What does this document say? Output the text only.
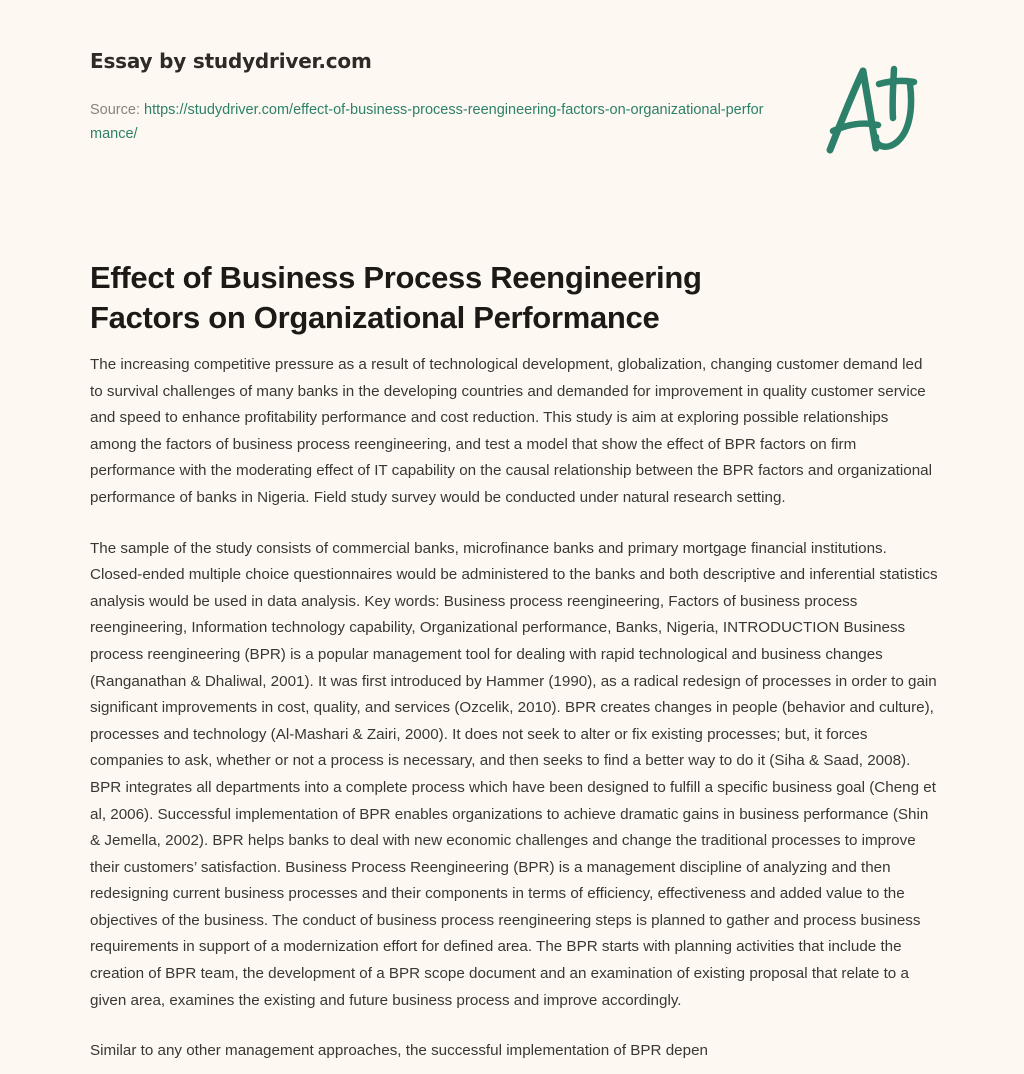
Essay by studydriver.com

Source: https://studydriver.com/effect-of-business-process-reengineering-factors-on-organizational-performance/

Effect of Business Process Reengineering Factors on Organizational Performance

The increasing competitive pressure as a result of technological development, globalization, changing customer demand led to survival challenges of many banks in the developing countries and demanded for improvement in quality customer service and speed to enhance profitability performance and cost reduction. This study is aim at exploring possible relationships among the factors of business process reengineering, and test a model that show the effect of BPR factors on firm performance with the moderating effect of IT capability on the causal relationship between the BPR factors and organizational performance of banks in Nigeria. Field study survey would be conducted under natural research setting.

The sample of the study consists of commercial banks, microfinance banks and primary mortgage financial institutions. Closed-ended multiple choice questionnaires would be administered to the banks and both descriptive and inferential statistics analysis would be used in data analysis. Key words: Business process reengineering, Factors of business process reengineering, Information technology capability, Organizational performance, Banks, Nigeria, INTRODUCTION Business process reengineering (BPR) is a popular management tool for dealing with rapid technological and business changes (Ranganathan & Dhaliwal, 2001). It was first introduced by Hammer (1990), as a radical redesign of processes in order to gain significant improvements in cost, quality, and services (Ozcelik, 2010). BPR creates changes in people (behavior and culture), processes and technology (Al-Mashari & Zairi, 2000). It does not seek to alter or fix existing processes; but, it forces companies to ask, whether or not a process is necessary, and then seeks to find a better way to do it (Siha & Saad, 2008). BPR integrates all departments into a complete process which have been designed to fulfill a specific business goal (Cheng et al, 2006). Successful implementation of BPR enables organizations to achieve dramatic gains in business performance (Shin & Jemella, 2002). BPR helps banks to deal with new economic challenges and change the traditional processes to improve their customers’ satisfaction. Business Process Reengineering (BPR) is a management discipline of analyzing and then redesigning current business processes and their components in terms of efficiency, effectiveness and added value to the objectives of the business. The conduct of business process reengineering steps is planned to gather and process business requirements in support of a modernization effort for defined area. The BPR starts with planning activities that include the creation of BPR team, the development of a BPR scope document and an examination of existing proposal that relate to a given area, examines the existing and future business process and improve accordingly.

Similar to any other management approaches, the successful implementation of BPR depen
